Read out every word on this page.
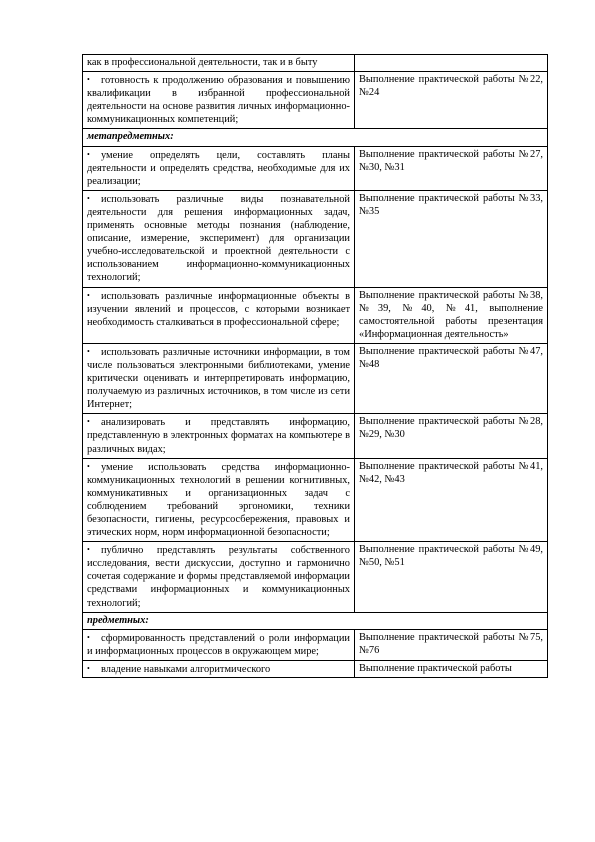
как в профессиональной деятельности, так и в быту	
• готовность к продолжению образования и повышению квалификации в избранной профессиональной деятельности на основе развития личных информационно-коммуникационных компетенций;	Выполнение практической работы №22, №24
метапредметных:	
• умение определять цели, составлять планы деятельности и определять средства, необходимые для их реализации;	Выполнение практической работы №27, №30, №31
• использовать различные виды познавательной деятельности для решения информационных задач, применять основные методы познания (наблюдение, описание, измерение, эксперимент) для организации учебно-исследовательской и проектной деятельности с использованием информационно-коммуникационных технологий;	Выполнение практической работы №33, №35
• использовать различные информационные объекты в изучении явлений и процессов, с которыми возникает необходимость сталкиваться в профессиональной сфере;	Выполнение практической работы №38, №39, №40, №41, выполнение самостоятельной работы презентация «Информационная деятельность»
• использовать различные источники информации, в том числе пользоваться электронными библиотеками, умение критически оценивать и интерпретировать информацию, получаемую из различных источников, в том числе из сети Интернет;	Выполнение практической работы №47, №48
• анализировать и представлять информацию, представленную в электронных форматах на компьютере в различных видах;	Выполнение практической работы №28, №29, №30
• умение использовать средства информационно-коммуникационных технологий в решении когнитивных, коммуникативных и организационных задач с соблюдением требований эргономики, техники безопасности, гигиены, ресурсосбережения, правовых и этических норм, норм информационной безопасности;	Выполнение практической работы №41, №42, №43
• публично представлять результаты собственного исследования, вести дискуссии, доступно и гармонично сочетая содержание и формы представляемой информации средствами информационных и коммуникационных технологий;	Выполнение практической работы №49, №50, №51
предметных:	
• сформированность представлений о роли информации и информационных процессов в окружающем мире;	Выполнение практической работы №75, №76

• владение навыками алгоритмического	Выполнение практической работы
